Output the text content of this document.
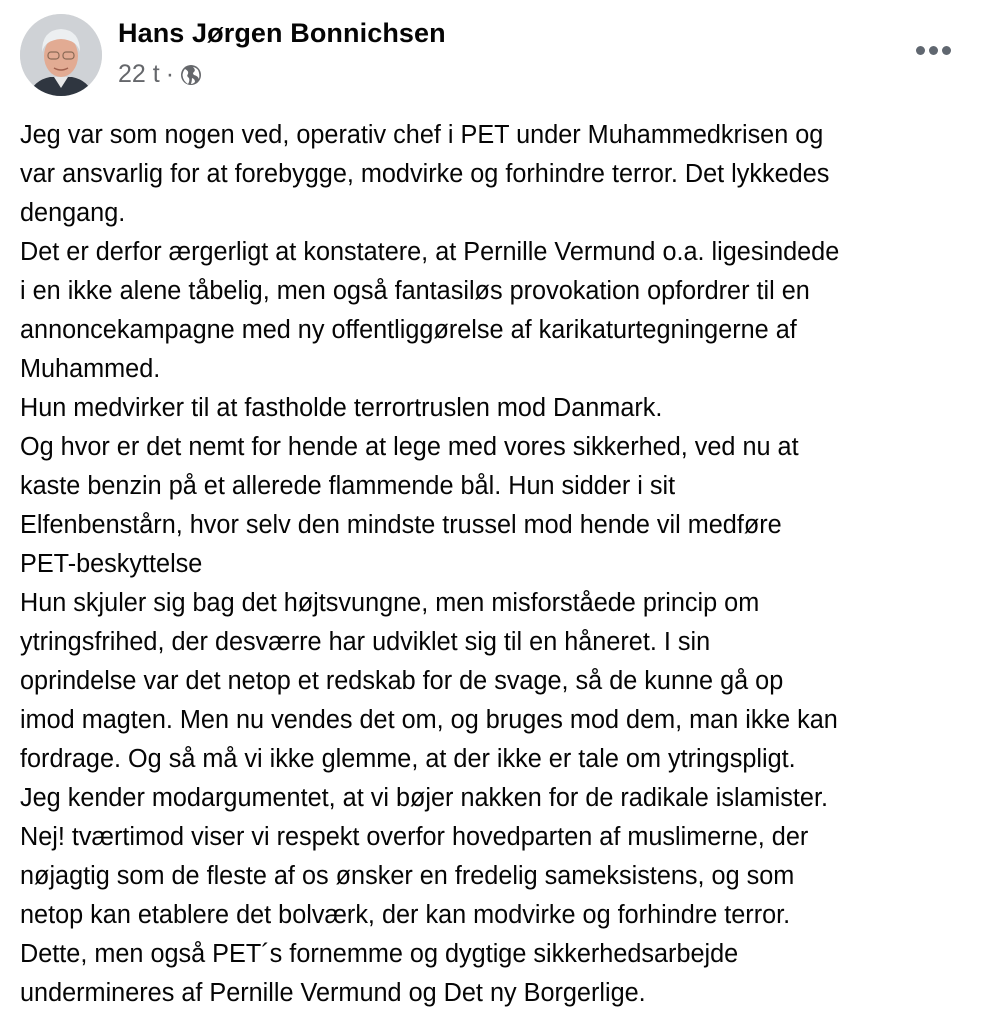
Hans Jørgen Bonnichsen
22 t ·
Jeg var som nogen ved, operativ chef i PET under Muhammedkrisen og
var ansvarlig for at forebygge, modvirke og forhindre terror. Det lykkedes
dengang.
Det er derfor ærgerligt at konstatere, at Pernille Vermund o.a. ligesindede
i en ikke alene tåbelig, men også fantasiløs provokation opfordrer til en
annoncekampagne med ny offentliggørelse af karikaturtegningerne af
Muhammed.
Hun medvirker til at fastholde terrortruslen mod Danmark.
Og hvor er det nemt for hende at lege med vores sikkerhed, ved nu at
kaste benzin på et allerede flammende bål. Hun sidder i sit
Elfenbenstårn, hvor selv den mindste trussel mod hende vil medføre
PET-beskyttelse
Hun skjuler sig bag det højtsvungne, men misforståede princip om
ytringsfrihed, der desværre har udviklet sig til en håneret. I sin
oprindelse var det netop et redskab for de svage, så de kunne gå op
imod magten. Men nu vendes det om, og bruges mod dem, man ikke kan
fordrage. Og så må vi ikke glemme, at der ikke er tale om ytringspligt.
Jeg kender modargumentet, at vi bøjer nakken for de radikale islamister.
Nej! tværtimod viser vi respekt overfor hovedparten af muslimerne, der
nøjagtig som de fleste af os ønsker en fredelig sameksistens, og som
netop kan etablere det bolværk, der kan modvirke og forhindre terror.
Dette, men også PET´s fornemme og dygtige sikkerhedsarbejde
undermineres af Pernille Vermund og Det ny Borgerlige.
